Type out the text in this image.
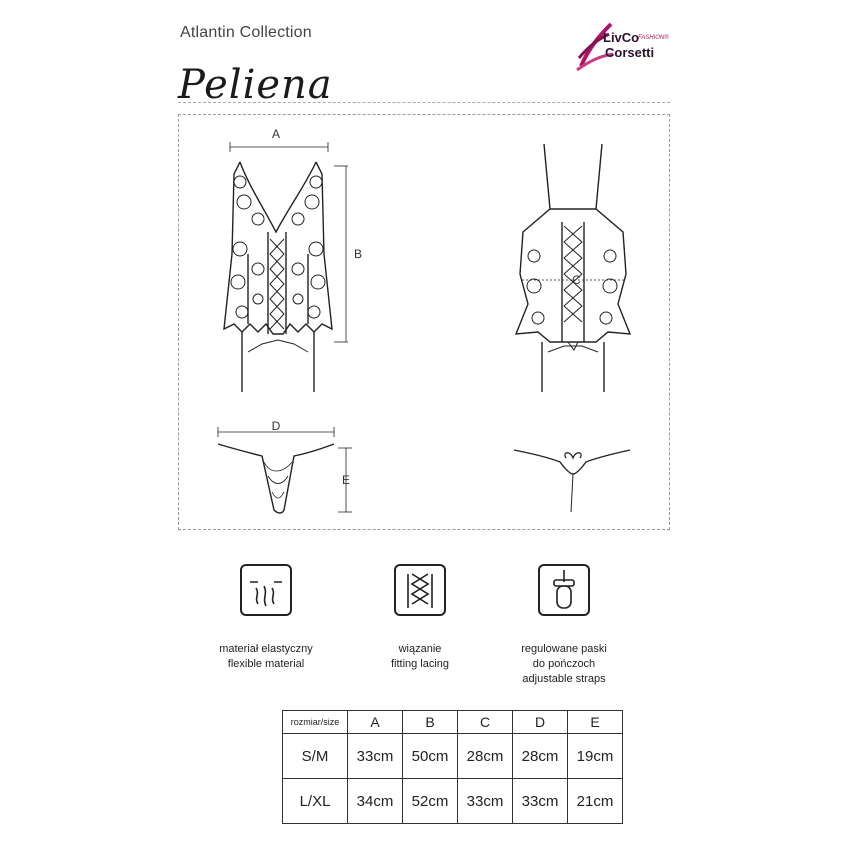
Atlantin Collection
Peliena
LivCo
FASHION®
Corsetti
A
B
C
D
E
materiał elastyczny
flexible material
wiązanie
fitting lacing
regulowane paski
do pończoch
adjustable straps
rozmiar/size	A	B	C	D	E
S/M	33cm	50cm	28cm	28cm	19cm
L/XL	34cm	52cm	33cm	33cm	21cm
